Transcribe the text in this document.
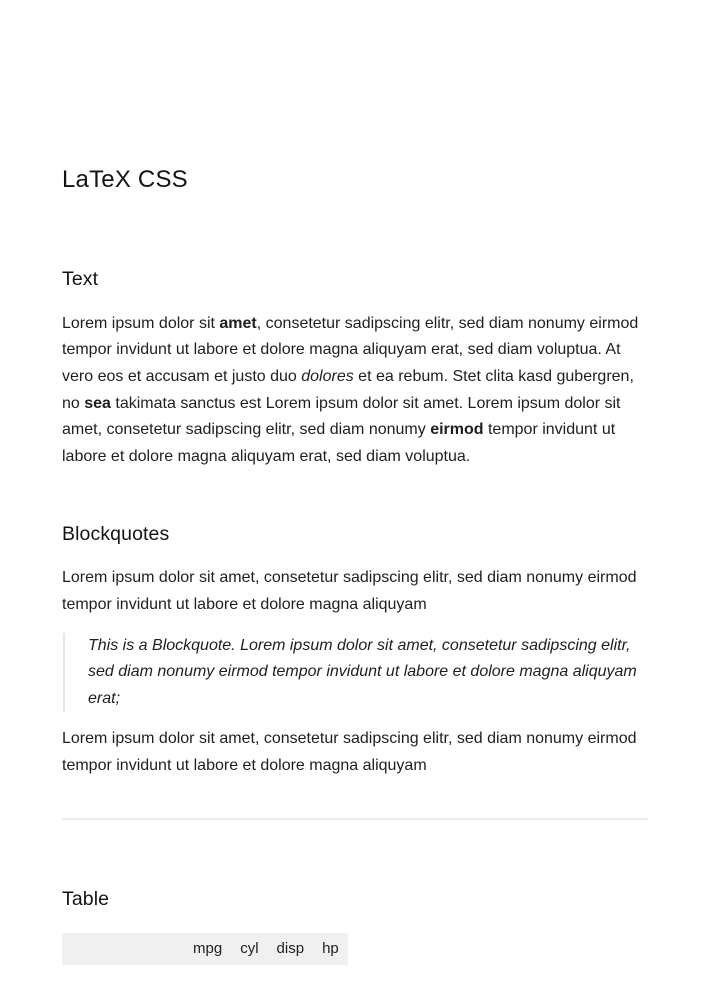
LaTeX CSS
Text

Lorem ipsum dolor sit amet, consetetur sadipscing elitr, sed diam nonumy eirmod tempor invidunt ut labore et dolore magna aliquyam erat, sed diam voluptua. At vero eos et accusam et justo duo dolores et ea rebum. Stet clita kasd gubergren, no sea takimata sanctus est Lorem ipsum dolor sit amet. Lorem ipsum dolor sit amet, consetetur sadipscing elitr, sed diam nonumy eirmod tempor invidunt ut labore et dolore magna aliquyam erat, sed diam voluptua.

Blockquotes

Lorem ipsum dolor sit amet, consetetur sadipscing elitr, sed diam nonumy eirmod tempor invidunt ut labore et dolore magna aliquyam

This is a Blockquote. Lorem ipsum dolor sit amet, consetetur sadipscing elitr, sed diam nonumy eirmod tempor invidunt ut labore et dolore magna aliquyam erat;

Lorem ipsum dolor sit amet, consetetur sadipscing elitr, sed diam nonumy eirmod tempor invidunt ut labore et dolore magna aliquyam

Table
	mpg	cyl	disp	hp
